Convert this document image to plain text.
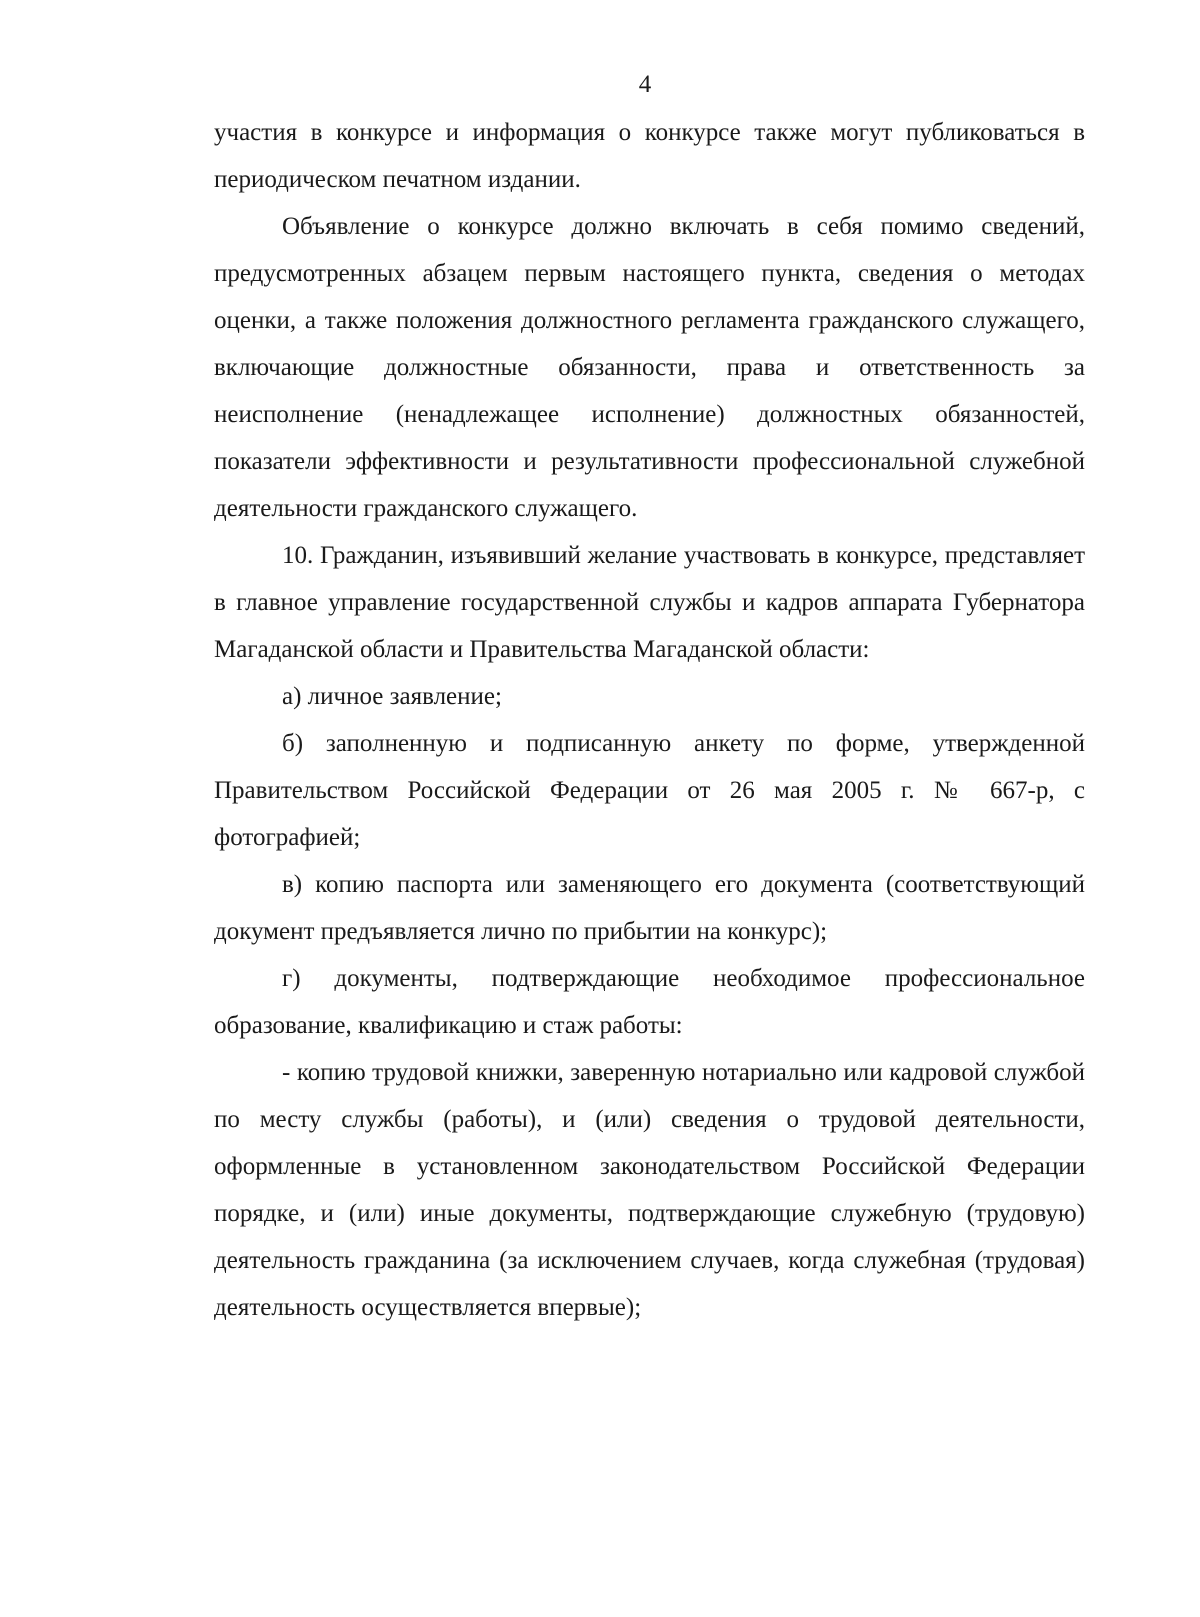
4

участия в конкурсе и информация о конкурсе также могут публиковаться в периодическом печатном издании.

Объявление о конкурсе должно включать в себя помимо сведений, предусмотренных абзацем первым настоящего пункта, сведения о методах оценки, а также положения должностного регламента гражданского служащего, включающие должностные обязанности, права и ответственность за неисполнение (ненадлежащее исполнение) должностных обязанностей, показатели эффективности и результативности профессиональной служебной деятельности гражданского служащего.

10. Гражданин, изъявивший желание участвовать в конкурсе, представляет в главное управление государственной службы и кадров аппарата Губернатора Магаданской области и Правительства Магаданской области:

а) личное заявление;

б) заполненную и подписанную анкету по форме, утвержденной Правительством Российской Федерации от 26 мая 2005 г. № 667-р, с фотографией;

в) копию паспорта или заменяющего его документа (соответствующий документ предъявляется лично по прибытии на конкурс);

г) документы, подтверждающие необходимое профессиональное образование, квалификацию и стаж работы:

- копию трудовой книжки, заверенную нотариально или кадровой службой по месту службы (работы), и (или) сведения о трудовой деятельности, оформленные в установленном законодательством Российской Федерации порядке, и (или) иные документы, подтверждающие служебную (трудовую) деятельность гражданина (за исключением случаев, когда служебная (трудовая) деятельность осуществляется впервые);
